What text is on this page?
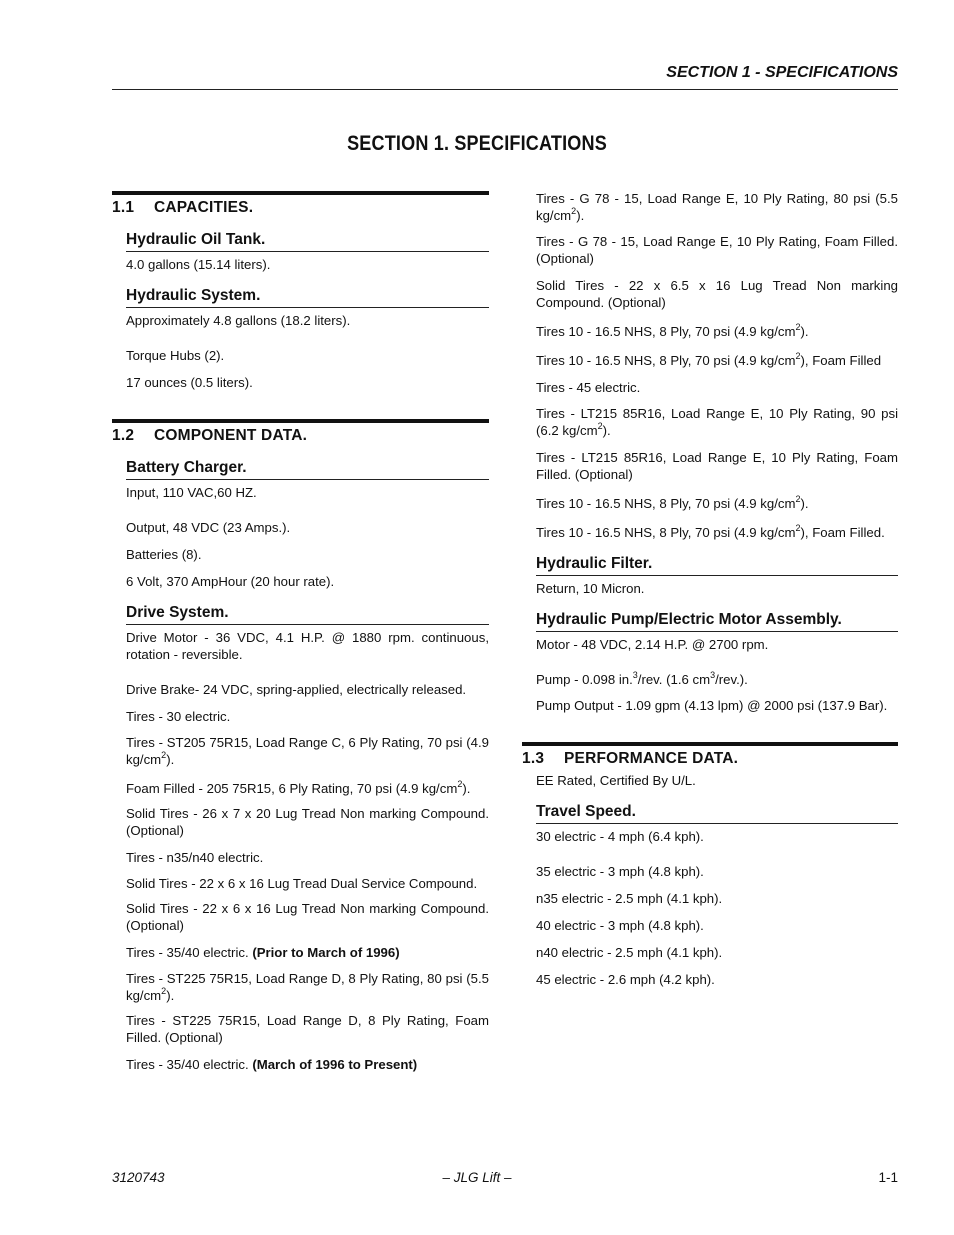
SECTION 1 - SPECIFICATIONS
SECTION 1. SPECIFICATIONS
1.1 CAPACITIES.
Hydraulic Oil Tank.
4.0 gallons (15.14 liters).
Hydraulic System.
Approximately 4.8 gallons (18.2 liters).
Torque Hubs (2).
17 ounces (0.5 liters).
1.2 COMPONENT DATA.
Battery Charger.
Input, 110 VAC,60 HZ.
Output, 48 VDC (23 Amps.).
Batteries (8).
6 Volt, 370 AmpHour (20 hour rate).
Drive System.
Drive Motor - 36 VDC, 4.1 H.P. @ 1880 rpm. continuous, rotation - reversible.
Drive Brake- 24 VDC, spring-applied, electrically released.
Tires - 30 electric.
Tires - ST205 75R15, Load Range C, 6 Ply Rating, 70 psi (4.9 $kg/cm^2$).
Foam Filled - 205 75R15, 6 Ply Rating, 70 psi (4.9 $kg/cm^2$).
Solid Tires - 26 x 7 x 20 Lug Tread Non marking Compound. (Optional)
Tires - n35/n40 electric.
Solid Tires - 22 x 6 x 16 Lug Tread Dual Service Compound.
Solid Tires - 22 x 6 x 16 Lug Tread Non marking Compound. (Optional)
Tires - 35/40 electric. (Prior to March of 1996)
Tires - ST225 75R15, Load Range D, 8 Ply Rating, 80 psi (5.5 $kg/cm^2$).
Tires - ST225 75R15, Load Range D, 8 Ply Rating, Foam Filled. (Optional)
Tires - 35/40 electric. (March of 1996 to Present)
Tires - G 78 - 15, Load Range E, 10 Ply Rating, 80 psi (5.5 $kg/cm^2$).
Tires - G 78 - 15, Load Range E, 10 Ply Rating, Foam Filled. (Optional)
Solid Tires - 22 x 6.5 x 16 Lug Tread Non marking Compound. (Optional)
Tires 10 - 16.5 NHS, 8 Ply, 70 psi (4.9 $kg/cm^2$).
Tires 10 - 16.5 NHS, 8 Ply, 70 psi (4.9 $kg/cm^2$), Foam Filled
Tires - 45 electric.
Tires - LT215 85R16, Load Range E, 10 Ply Rating, 90 psi (6.2 $kg/cm^2$).
Tires - LT215 85R16, Load Range E, 10 Ply Rating, Foam Filled. (Optional)
Tires 10 - 16.5 NHS, 8 Ply, 70 psi (4.9 $kg/cm^2$).
Tires 10 - 16.5 NHS, 8 Ply, 70 psi (4.9 $kg/cm^2$), Foam Filled.
Hydraulic Filter.
Return, 10 Micron.
Hydraulic Pump/Electric Motor Assembly.
Motor - 48 VDC, 2.14 H.P. @ 2700 rpm.
Pump - 0.098 in.$^3$/rev. (1.6 $cm^3/rev$.).
Pump Output - 1.09 gpm (4.13 lpm) @ 2000 psi (137.9 Bar).
1.3 PERFORMANCE DATA.
EE Rated, Certified By U/L.
Travel Speed.
30 electric - 4 mph (6.4 kph).
35 electric - 3 mph (4.8 kph).
n35 electric - 2.5 mph (4.1 kph).
40 electric - 3 mph (4.8 kph).
n40 electric - 2.5 mph (4.1 kph).
45 electric - 2.6 mph (4.2 kph).
3120743	– JLG Lift –	1-1
